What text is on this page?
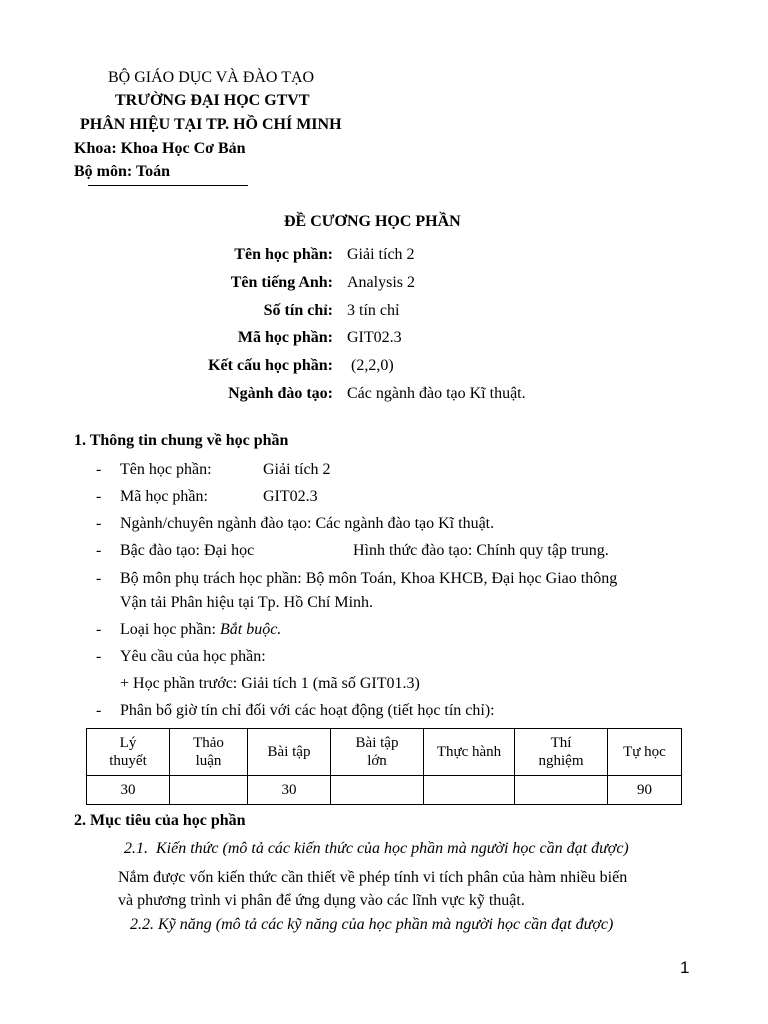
BỘ GIÁO DỤC VÀ ĐÀO TẠO
TRƯỜNG ĐẠI HỌC GTVT
PHÂN HIỆU TẠI TP. HỒ CHÍ MINH
Khoa: Khoa Học Cơ Bản
Bộ môn: Toán
ĐỀ CƯƠNG HỌC PHẦN
Tên học phần: Giải tích 2
Tên tiếng Anh: Analysis 2
Số tín chỉ: 3 tín chỉ
Mã học phần: GIT02.3
Kết cấu học phần: (2,2,0)
Ngành đào tạo: Các ngành đào tạo Kĩ thuật.
1. Thông tin chung về học phần
- Tên học phần:	Giải tích 2
- Mã học phần:	GIT02.3
- Ngành/chuyên ngành đào tạo: Các ngành đào tạo Kĩ thuật.
- Bậc đào tạo: Đại học	Hình thức đào tạo: Chính quy tập trung.
- Bộ môn phụ trách học phần: Bộ môn Toán, Khoa KHCB, Đại học Giao thông
Vận tải Phân hiệu tại Tp. Hồ Chí Minh.
- Loại học phần: Bắt buộc.
- Yêu cầu của học phần:
+ Học phần trước: Giải tích 1 (mã số GIT01.3)
- Phân bổ giờ tín chỉ đối với các hoạt động (tiết học tín chỉ):
Lý
thuyết	Thảo
luận	Bài tập	Bài tập
lớn	Thực hành	Thí
nghiệm	Tự học
30		30				90
2. Mục tiêu của học phần
2.1.  Kiến thức (mô tả các kiến thức của học phần mà người học cần đạt được)
Nắm được vốn kiến thức cần thiết về phép tính vi tích phân của hàm nhiều biến
và phương trình vi phân để ứng dụng vào các lĩnh vực kỹ thuật.
2.2. Kỹ năng (mô tả các kỹ năng của học phần mà người học cần đạt được)
1
